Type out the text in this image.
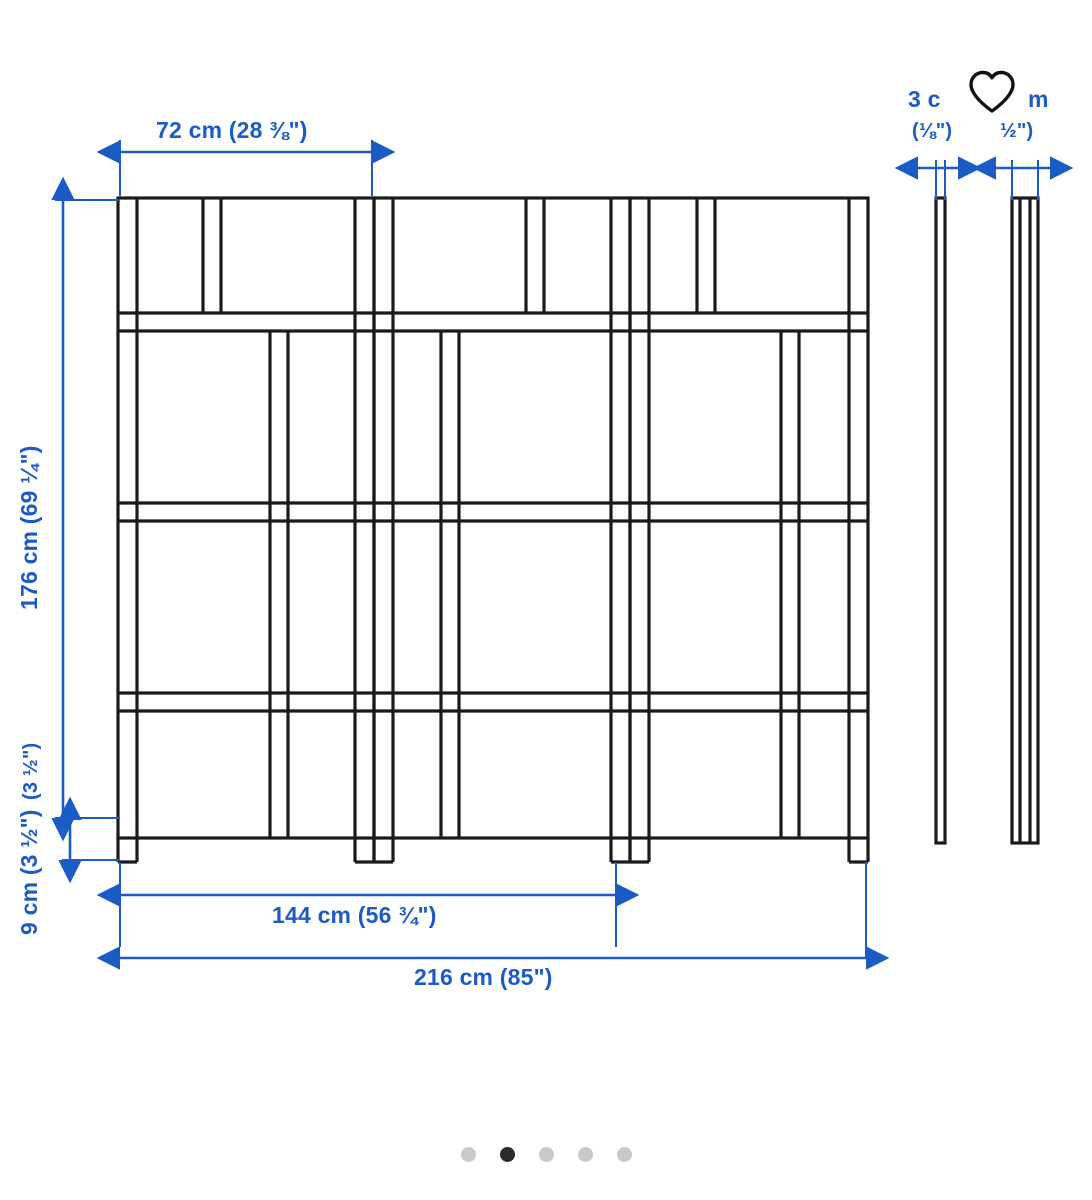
72 cm (28 ⅜")
176 cm (69 ¼")
9 cm (3 ½")
(3 ½")
144 cm (56 ¾")
216 cm (85")
3 c
(⅛")
m
½")
